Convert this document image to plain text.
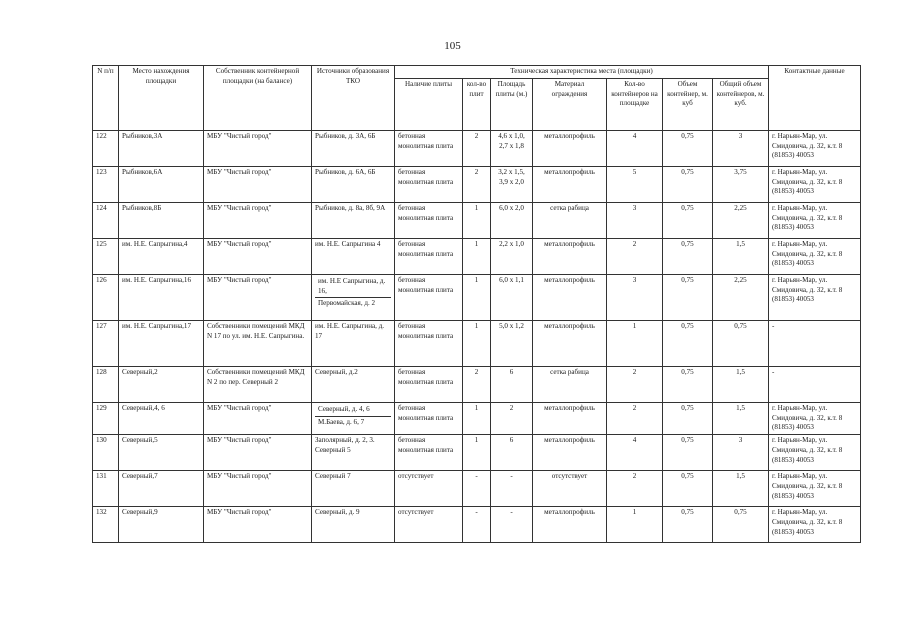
105
N п/п	Место нахождения площадки	Собственник контейнерной площадки (на балансе)	Источники образования ТКО	Техническая характеристика места (площадки)							Контактные данные
				Наличие плиты	кол-во плит	Площадь плиты (м.)	Материал ограждения	Кол-во контейнеров на площадке	Объем контейнер, м. куб	Общий объем контейнеров, м. куб.	
122	Рыбников,3А	МБУ "Чистый город"	Рыбников, д. 3А, 6Б	бетонная монолитная плита	2	4,6 x 1,0, 2,7 x 1,8	металлопрофиль	4	0,75	3	г. Нарьян-Мар, ул. Смидовича, д. 32, к.т. 8 (81853) 40053
123	Рыбников,6А	МБУ "Чистый город"	Рыбников, д. 6А, 6Б	бетонная монолитная плита	2	3,2 x 1,5, 3,9 x 2,0	металлопрофиль	5	0,75	3,75	г. Нарьян-Мар, ул. Смидовича, д. 32, к.т. 8 (81853) 40053
124	Рыбников,8Б	МБУ "Чистый город"	Рыбников, д. 8а, 8б, 9А	бетонная монолитная плита	1	6,0 x 2,0	сетка рабица	3	0,75	2,25	г. Нарьян-Мар, ул. Смидовича, д. 32, к.т. 8 (81853) 40053
125	им. Н.Е. Сапрыгина,4	МБУ "Чистый город"	им. Н.Е. Сапрыгина 4	бетонная монолитная плита	1	2,2 x 1,0	металлопрофиль	2	0,75	1,5	г. Нарьян-Мар, ул. Смидовича, д. 32, к.т. 8 (81853) 40053
126	им. Н.Е. Сапрыгина,16	МБУ "Чистый город"	им. Н.Е Сапрыгина, д. 16,
Первомайская, д. 2	бетонная монолитная плита	1	6,0 x 1,1	металлопрофиль	3	0,75	2,25	г. Нарьян-Мар, ул. Смидовича, д. 32, к.т. 8 (81853) 40053
127	им. Н.Е. Сапрыгина,17	Собственники помещений МКД N 17 по ул. им. Н.Е. Сапрыгина.	им. Н.Е. Сапрыгина, д. 17	бетонная монолитная плита	1	5,0 x 1,2	металлопрофиль	1	0,75	0,75	-
128	Северный,2	Собственники помещений МКД N 2 по пер. Северный 2	Северный, д.2	бетонная монолитная плита	2	6	сетка рабица	2	0,75	1,5	-
129	Северный,4, 6	МБУ "Чистый город"	Северный, д. 4, 6
М.Баева, д. 6, 7	бетонная монолитная плита	1	2	металлопрофиль	2	0,75	1,5	г. Нарьян-Мар, ул. Смидовича, д. 32, к.т. 8 (81853) 40053
130	Северный,5	МБУ "Чистый город"	Заполярный, д. 2, 3. Северный 5	бетонная монолитная плита	1	6	металлопрофиль	4	0,75	3	г. Нарьян-Мар, ул. Смидовича, д. 32, к.т. 8 (81853) 40053
131	Северный,7	МБУ "Чистый город"	Северный 7	отсутствует	-	-	отсутствует	2	0,75	1,5	г. Нарьян-Мар, ул. Смидовича, д. 32, к.т. 8 (81853) 40053
132	Северный,9	МБУ "Чистый город"	Северный, д. 9	отсутствует	-	-	металлопрофиль	1	0,75	0,75	г. Нарьян-Мар, ул. Смидовича, д. 32, к.т. 8 (81853) 40053
